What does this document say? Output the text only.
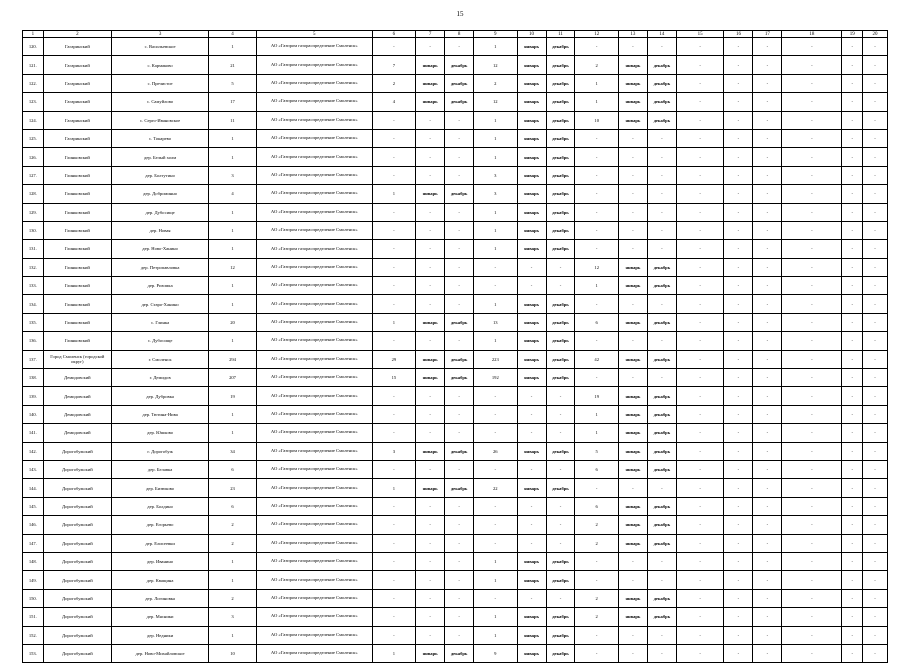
15
1	2	3	4	5	6	7	8	9	10	11	12	13	14	15	16	17	18	19	20
120.	Гагаринский	с. Васильевское	1	АО «Газпром газораспределение Смоленск»	-	-	-	1	январь	декабрь	-	-	-	-	-	-	-	-	-
121.	Гагаринский	с. Кармаково	21	АО «Газпром газораспределение Смоленск»	7	январь	декабрь	12	январь	декабрь	2	январь	декабрь	-	-	-	-	-	-
122.	Гагаринский	с. Пречистое	5	АО «Газпром газораспределение Смоленск»	2	январь	декабрь	2	январь	декабрь	1	январь	декабрь	-	-	-	-	-	-
123.	Гагаринский	с. Самуйлово	17	АО «Газпром газораспределение Смоленск»	4	январь	декабрь	12	январь	декабрь	1	январь	декабрь	-	-	-	-	-	-
124.	Гагаринский	с. Серго-Ивановское	11	АО «Газпром газораспределение Смоленск»	-	-	-	1	январь	декабрь	10	январь	декабрь	-	-	-	-	-	-
125.	Гагаринский	с. Токарево	1	АО «Газпром газораспределение Смоленск»	-	-	-	1	январь	декабрь	-	-	-	-	-	-	-	-	-
126.	Глинковский	дер. Белый холм	1	АО «Газпром газораспределение Смоленск»	-	-	-	1	январь	декабрь	-	-	-	-	-	-	-	-	-
127.	Глинковский	дер. Болтутино	3	АО «Газпром газораспределение Смоленск»	-	-	-	3	январь	декабрь	-	-	-	-	-	-	-	-	-
128.	Глинковский	дер. Доброминно	4	АО «Газпром газораспределение Смоленск»	1	январь	декабрь	3	январь	декабрь	-	-	-	-	-	-	-	-	-
129.	Глинковский	дер. Дубосище	1	АО «Газпром газораспределение Смоленск»	-	-	-	1	январь	декабрь	-	-	-	-	-	-	-	-	-
130.	Глинковский	дер. Новая	1	АО «Газпром газораспределение Смоленск»	-	-	-	1	январь	декабрь	-	-	-	-	-	-	-	-	-
131.	Глинковский	дер. Ново-Ханино	1	АО «Газпром газораспределение Смоленск»	-	-	-	1	январь	декабрь	-	-	-	-	-	-	-	-	-
132.	Глинковский	дер. Петропавловка	12	АО «Газпром газораспределение Смоленск»	-	-	-	-	-	-	12	январь	декабрь	-	-	-	-	-	-
133.	Глинковский	дер. Ризомка	1	АО «Газпром газораспределение Смоленск»	-	-	-	-	-	-	1	январь	декабрь	-	-	-	-	-	-
134.	Глинковский	дер. Старо-Ханино	1	АО «Газпром газораспределение Смоленск»	-	-	-	1	январь	декабрь	-	-	-	-	-	-	-	-	-
135.	Глинковский	с. Глинка	20	АО «Газпром газораспределение Смоленск»	1	январь	декабрь	13	январь	декабрь	6	январь	декабрь	-	-	-	-	-	-
136.	Глинковский	с. Дубосище	1	АО «Газпром газораспределение Смоленск»	-	-	-	1	январь	декабрь	-	-	-	-	-	-	-	-	-
137.	Город Смоленск (городской округ)	г. Смоленск	294	АО «Газпром газораспределение Смоленск»	29	январь	декабрь	223	январь	декабрь	42	январь	декабрь	-	-	-	-	-	-
138.	Демидовский	г. Демидов	207	АО «Газпром газораспределение Смоленск»	15	январь	декабрь	192	январь	декабрь	-	-	-	-	-	-	-	-	-
139.	Демидовский	дер. Дубровка	19	АО «Газпром газораспределение Смоленск»	-	-	-	-	-	-	19	январь	декабрь	-	-	-	-	-	-
140.	Демидовский	дер. Тютина-Нива	1	АО «Газпром газораспределение Смоленск»	-	-	-	-	-	-	1	январь	декабрь	-	-	-	-	-	-
141.	Демидовский	дер. Юшково	1	АО «Газпром газораспределение Смоленск»	-	-	-	-	-	-	1	январь	декабрь	-	-	-	-	-	-
142.	Дорогобужский	г. Дорогобуж	34	АО «Газпром газораспределение Смоленск»	3	январь	декабрь	26	январь	декабрь	5	январь	декабрь	-	-	-	-	-	-
143.	Дорогобужский	дер. Белавка	6	АО «Газпром газораспределение Смоленск»	-	-	-	-	-	-	6	январь	декабрь	-	-	-	-	-	-
144.	Дорогобужский	дер. Бизюково	23	АО «Газпром газораспределение Смоленск»	1	январь	декабрь	22	январь	декабрь	-	-	-	-	-	-	-	-	-
145.	Дорогобужский	дер. Болдино	6	АО «Газпром газораспределение Смоленск»	-	-	-	-	-	-	6	январь	декабрь	-	-	-	-	-	-
146.	Дорогобужский	дер. Егорьево	2	АО «Газпром газораспределение Смоленск»	-	-	-	-	-	-	2	январь	декабрь	-	-	-	-	-	-
147.	Дорогобужский	дер. Елисеевки	2	АО «Газпром газораспределение Смоленск»	-	-	-	-	-	-	2	январь	декабрь	-	-	-	-	-	-
148.	Дорогобужский	дер. Иванино	1	АО «Газпром газораспределение Смоленск»	-	-	-	1	январь	декабрь	-	-	-	-	-	-	-	-	-
149.	Дорогобужский	дер. Кващина	1	АО «Газпром газораспределение Смоленск»	-	-	-	1	январь	декабрь	-	-	-	-	-	-	-	-	-
150.	Дорогобужский	дер. Логиновка	2	АО «Газпром газораспределение Смоленск»	-	-	-	-	-	-	2	январь	декабрь	-	-	-	-	-	-
151.	Дорогобужский	дер. Мясники	3	АО «Газпром газораспределение Смоленск»	-	-	-	1	январь	декабрь	2	январь	декабрь	-	-	-	-	-	-
152.	Дорогобужский	дер. Недники	1	АО «Газпром газораспределение Смоленск»	-	-	-	1	январь	декабрь	-	-	-	-	-	-	-	-	-
153.	Дорогобужский	дер. Ново-Михайловское	10	АО «Газпром газораспределение Смоленск»	1	январь	декабрь	9	январь	декабрь	-	-	-	-	-	-	-	-	-
